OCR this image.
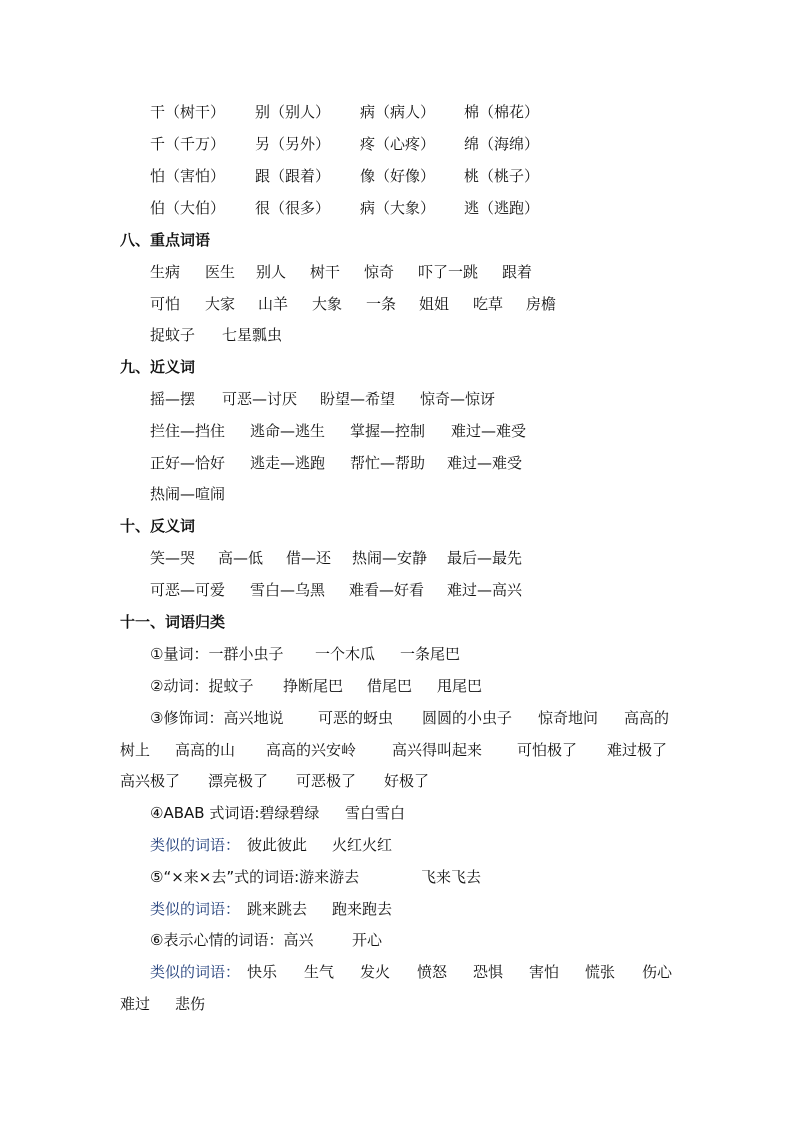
干（树干） 别（别人） 病（病人） 棉（棉花）
千（千万） 另（另外） 疼（心疼） 绵（海绵）
怕（害怕） 跟（跟着） 像（好像） 桃（桃子）
伯（大伯） 很（很多） 病（大象） 逃（逃跑）
八、重点词语
生病 医生 别人 树干 惊奇 吓了一跳 跟着
可怕 大家 山羊 大象 一条 姐姐 吃草 房檐
捉蚊子 七星瓢虫
九、近义词
摇—摆 可恶—讨厌 盼望—希望 惊奇—惊讶
拦住—挡住 逃命—逃生 掌握—控制 难过—难受
正好—恰好 逃走—逃跑 帮忙—帮助 难过—难受
热闹—喧闹
十、反义词
笑—哭 高—低 借—还 热闹—安静 最后—最先
可恶—可爱 雪白—乌黑 难看—好看 难过—高兴
十一、词语归类
①量词：一群小虫子 一个木瓜 一条尾巴
②动词：捉蚊子 挣断尾巴 借尾巴 甩尾巴
③修饰词：高兴地说 可恶的蚜虫 圆圆的小虫子 惊奇地问 高高的
树上 高高的山 高高的兴安岭 高兴得叫起来 可怕极了 难过极了
高兴极了 漂亮极了 可恶极了 好极了
④ABAB 式词语:碧绿碧绿 雪白雪白
类似的词语： 彼此彼此 火红火红
⑤“×来×去”式的词语:游来游去	飞来飞去
类似的词语： 跳来跳去 跑来跑去
⑥表示心情的词语：高兴	开心
类似的词语： 快乐 生气 发火 愤怒 恐惧 害怕 慌张 伤心
难过 悲伤
